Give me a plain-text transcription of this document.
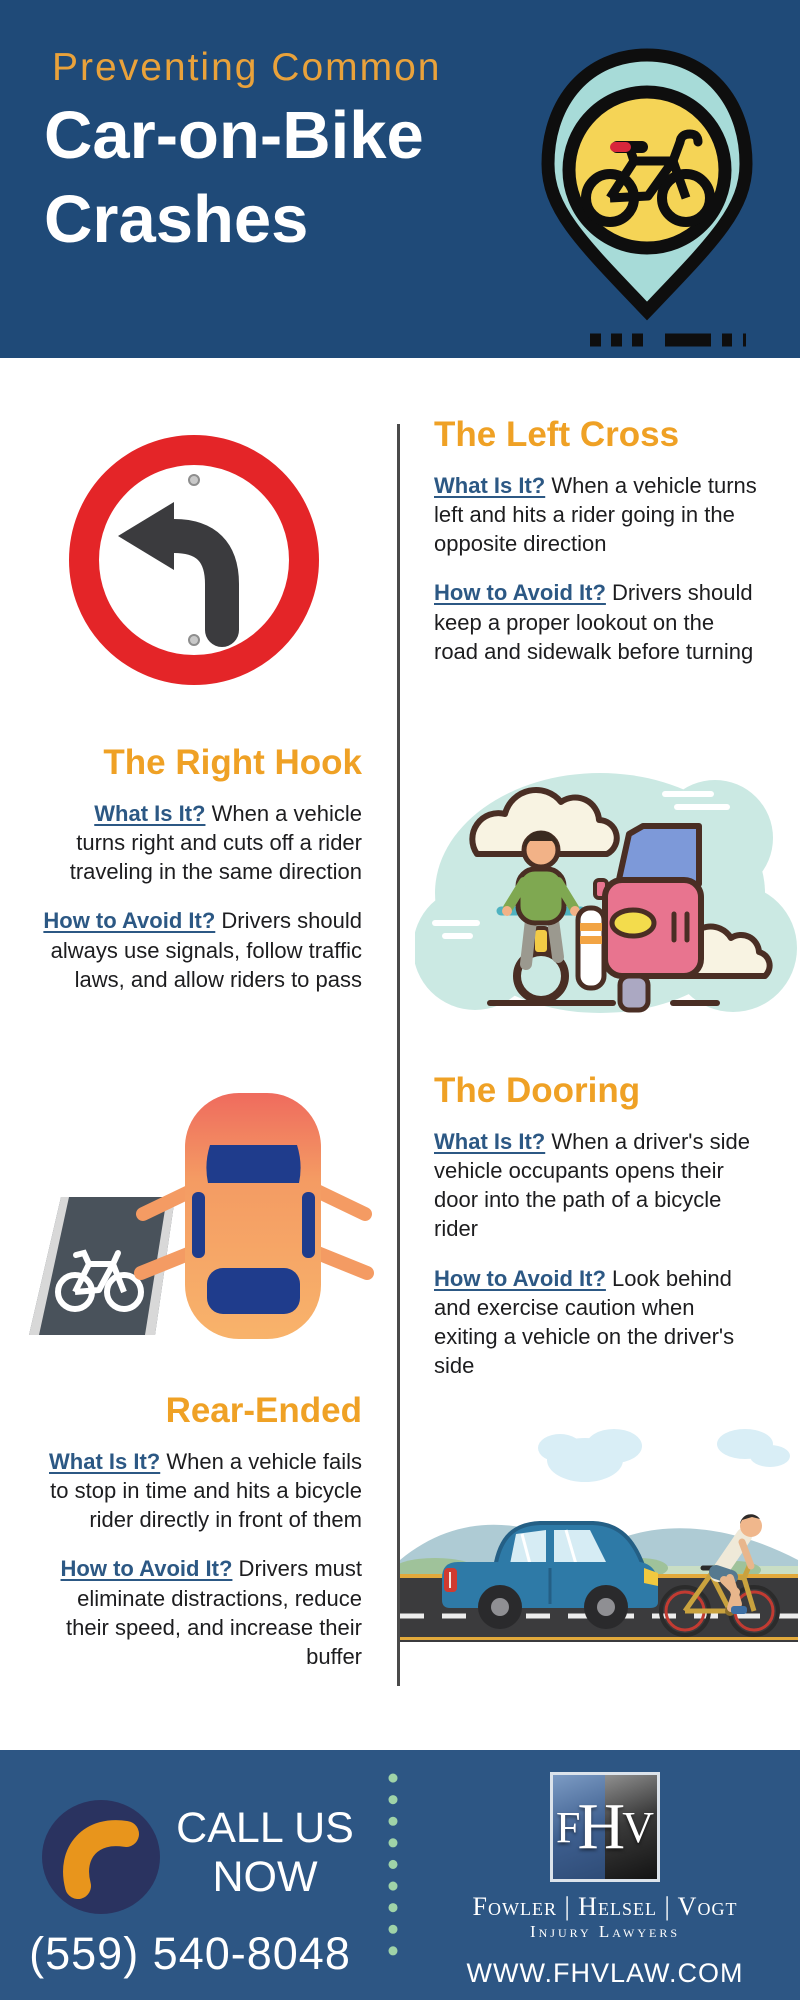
Preventing Common
Car-on-Bike
Crashes
The Left Cross

What Is It? When a vehicle turns left and hits a rider going in the opposite direction

How to Avoid It? Drivers should keep a proper lookout on the road and sidewalk before turning

The Right Hook

What Is It? When a vehicle turns right and cuts off a rider traveling in the same direction

How to Avoid It? Drivers should always use signals, follow traffic laws, and allow riders to pass

The Dooring

What Is It? When a driver's side vehicle occupants opens their door into the path of a bicycle rider

How to Avoid It? Look behind and exercise caution when exiting a vehicle on the driver's side

Rear-Ended

What Is It? When a vehicle fails to stop in time and hits a bicycle rider directly in front of them

How to Avoid It? Drivers must eliminate distractions, reduce their speed, and increase their buffer

CALL US
NOW
(559) 540-8048
F
H
V
Fowler | Helsel | Vogt
Injury Lawyers
WWW.FHVLAW.COM
